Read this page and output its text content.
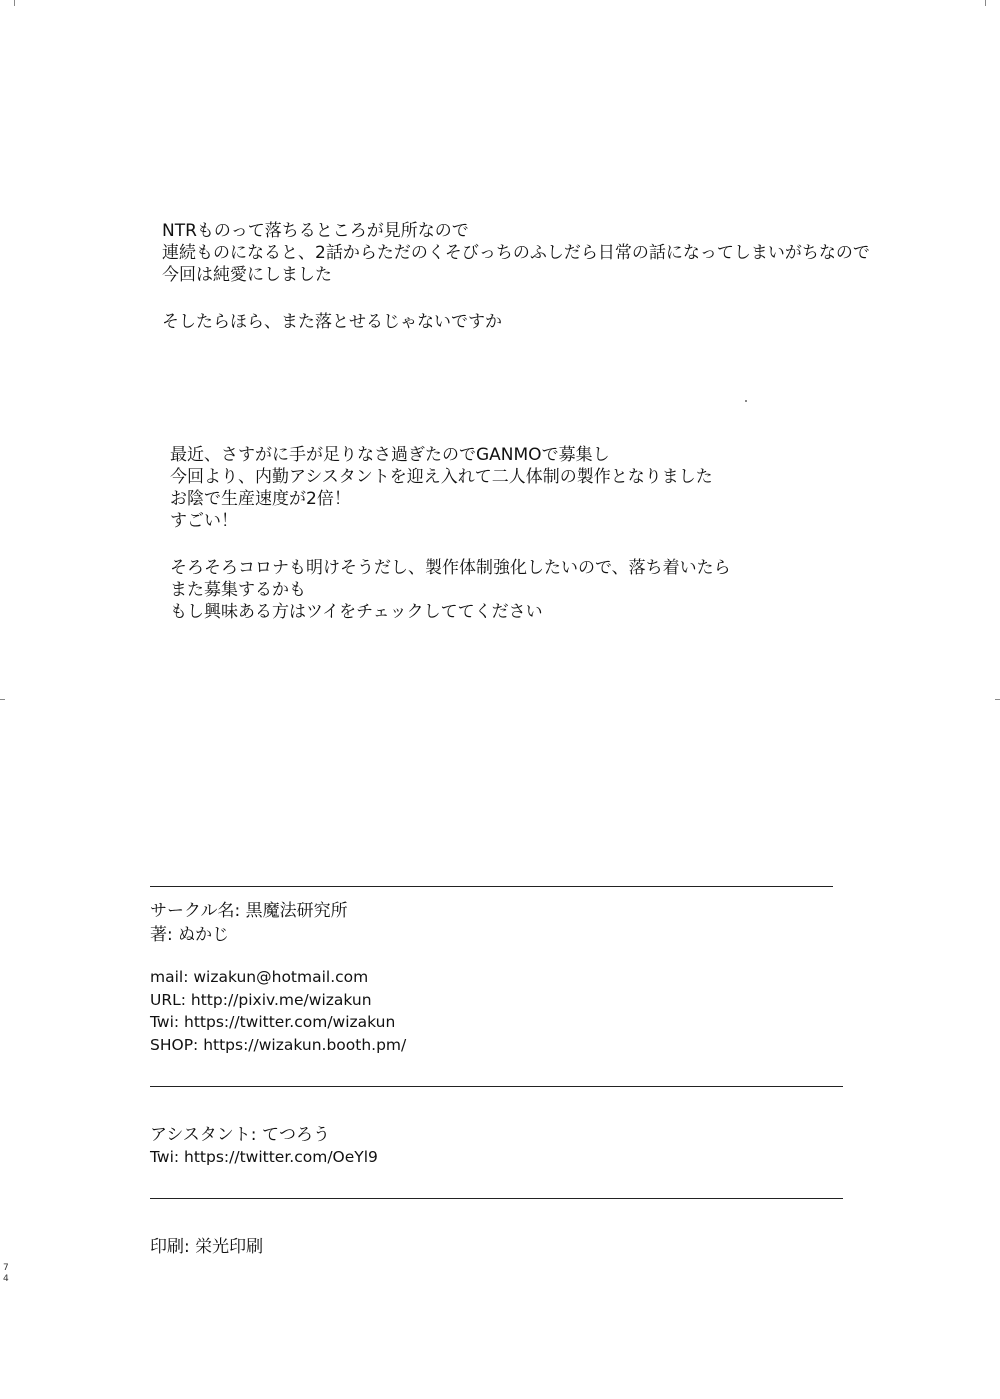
NTRものって落ちるところが見所なので
連続ものになると、2話からただのくそびっちのふしだら日常の話になってしまいがちなので
今回は純愛にしました
そしたらほら、また落とせるじゃないですか
最近、さすがに手が足りなさ過ぎたのでGANMOで募集し
今回より、内勤アシスタントを迎え入れて二人体制の製作となりました
お陰で生産速度が2倍！
すごい！
そろそろコロナも明けそうだし、製作体制強化したいので、落ち着いたら
また募集するかも
もし興味ある方はツイをチェックしててください
サークル名: 黒魔法研究所
著: ぬかじ
mail: wizakun@hotmail.com
URL: http://pixiv.me/wizakun
Twi: https://twitter.com/wizakun
SHOP: https://wizakun.booth.pm/
アシスタント: てつろう
Twi: https://twitter.com/OeYl9
印刷: 栄光印刷
7
4
